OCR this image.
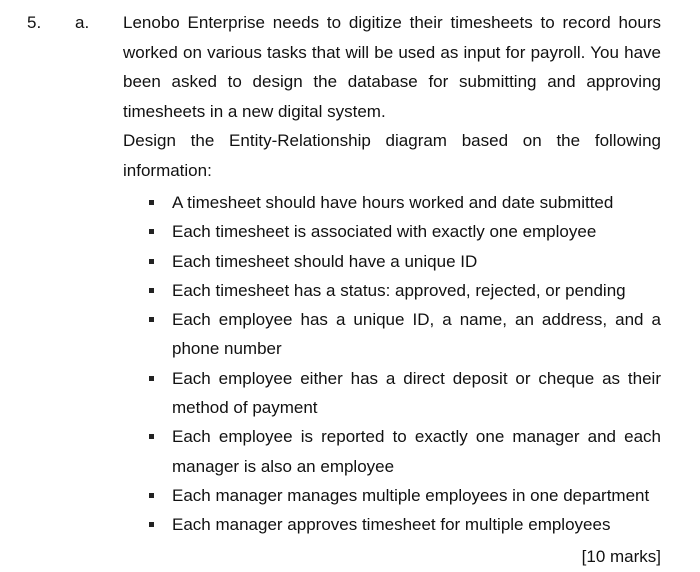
5. a. Lenobo Enterprise needs to digitize their timesheets to record hours worked on various tasks that will be used as input for payroll. You have been asked to design the database for submitting and approving timesheets in a new digital system.

Design the Entity-Relationship diagram based on the following information:

A timesheet should have hours worked and date submitted
Each timesheet is associated with exactly one employee
Each timesheet should have a unique ID
Each timesheet has a status: approved, rejected, or pending
Each employee has a unique ID, a name, an address, and a phone number
Each employee either has a direct deposit or cheque as their method of payment
Each employee is reported to exactly one manager and each manager is also an employee
Each manager manages multiple employees in one department
Each manager approves timesheet for multiple employees
[10 marks]
